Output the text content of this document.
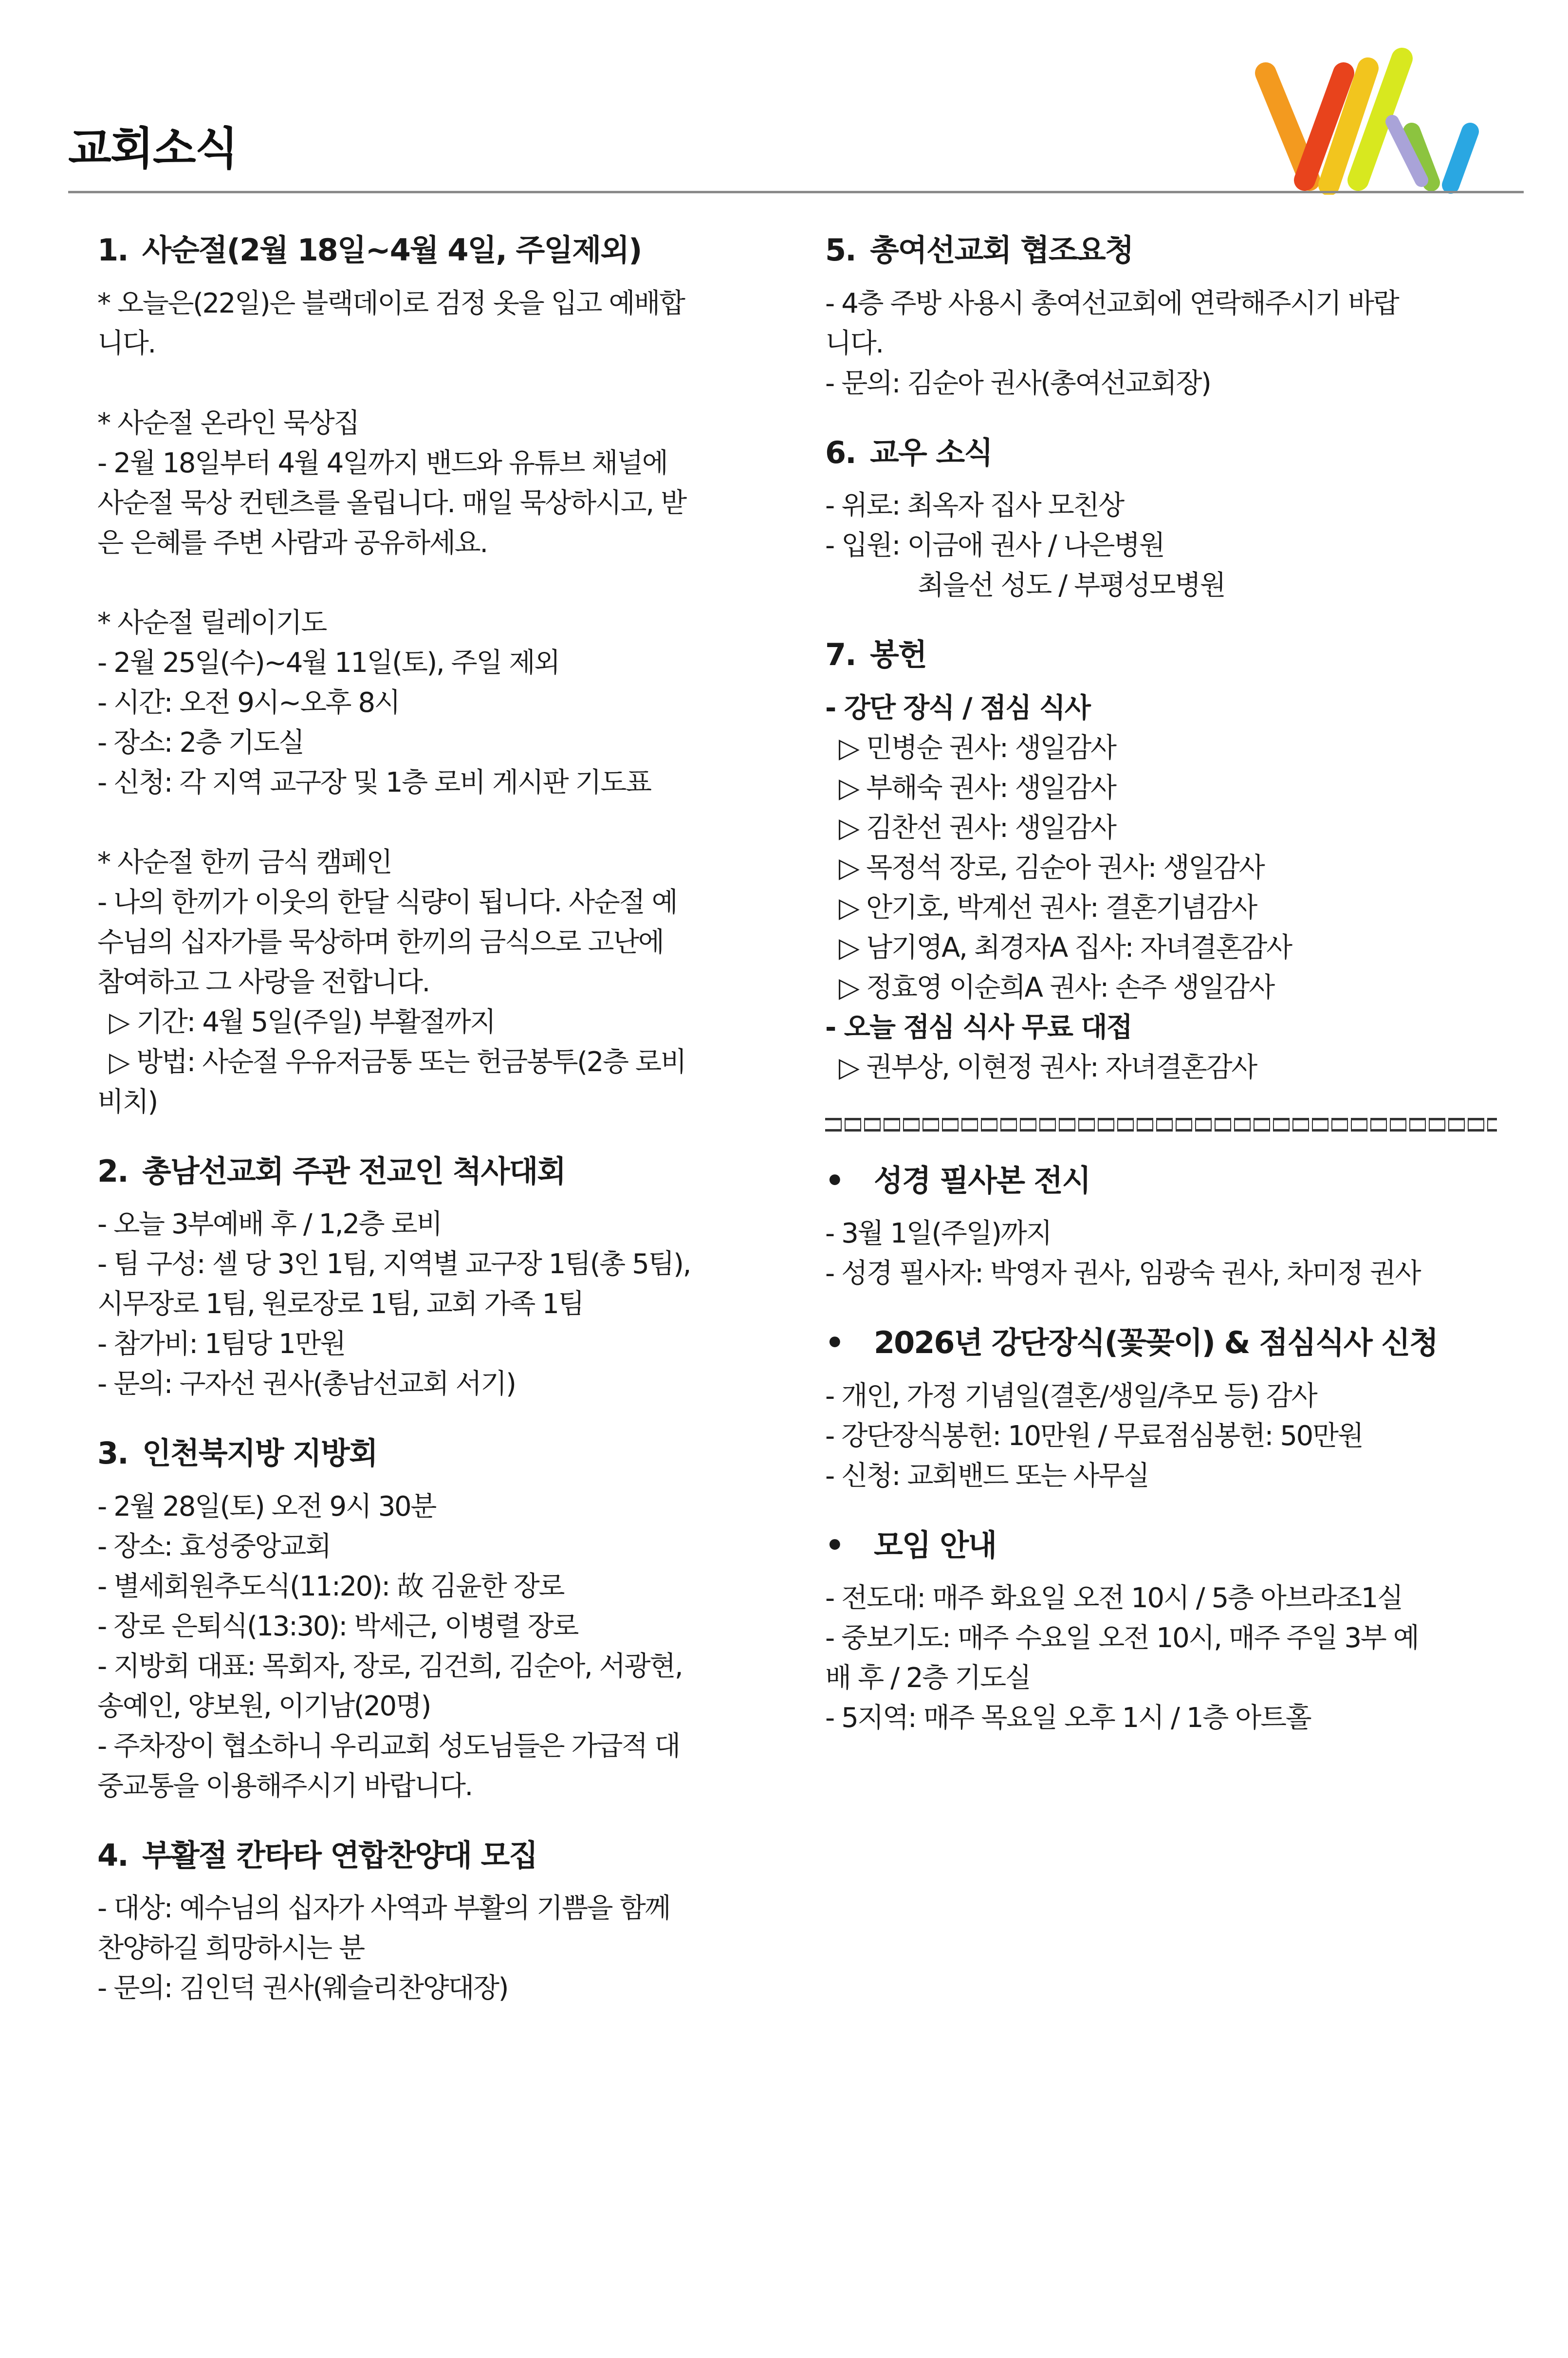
교회소식
1. 사순절(2월 18일~4월 4일, 주일제외)
* 오늘은(22일)은 블랙데이로 검정 옷을 입고 예배합
니다.
* 사순절 온라인 묵상집
- 2월 18일부터 4월 4일까지 밴드와 유튜브 채널에
사순절 묵상 컨텐츠를 올립니다. 매일 묵상하시고, 받
은 은혜를 주변 사람과 공유하세요.
* 사순절 릴레이기도
- 2월 25일(수)~4월 11일(토), 주일 제외
- 시간: 오전 9시~오후 8시
- 장소: 2층 기도실
- 신청: 각 지역 교구장 및 1층 로비 게시판 기도표
* 사순절 한끼 금식 캠페인
- 나의 한끼가 이웃의 한달 식량이 됩니다. 사순절 예
수님의 십자가를 묵상하며 한끼의 금식으로 고난에
참여하고 그 사랑을 전합니다.
▷ 기간: 4월 5일(주일) 부활절까지
▷ 방법: 사순절 우유저금통 또는 헌금봉투(2층 로비
비치)
2. 총남선교회 주관 전교인 척사대회
- 오늘 3부예배 후 / 1,2층 로비
- 팀 구성: 셀 당 3인 1팀, 지역별 교구장 1팀(총 5팀),
시무장로 1팀, 원로장로 1팀, 교회 가족 1팀
- 참가비: 1팀당 1만원
- 문의: 구자선 권사(총남선교회 서기)
3. 인천북지방 지방회
- 2월 28일(토) 오전 9시 30분
- 장소: 효성중앙교회
- 별세회원추도식(11:20): 故 김윤한 장로
- 장로 은퇴식(13:30): 박세근, 이병렬 장로
- 지방회 대표: 목회자, 장로, 김건희, 김순아, 서광현,
송예인, 양보원, 이기남(20명)
- 주차장이 협소하니 우리교회 성도님들은 가급적 대
중교통을 이용해주시기 바랍니다.
4. 부활절 칸타타 연합찬양대 모집
- 대상: 예수님의 십자가 사역과 부활의 기쁨을 함께
찬양하길 희망하시는 분
- 문의: 김인덕 권사(웨슬리찬양대장)
5. 총여선교회 협조요청
- 4층 주방 사용시 총여선교회에 연락해주시기 바랍
니다.
- 문의: 김순아 권사(총여선교회장)
6. 교우 소식
- 위로: 최옥자 집사 모친상
- 입원: 이금애 권사 / 나은병원
최을선 성도 / 부평성모병원
7. 봉헌
- 강단 장식 / 점심 식사
▷ 민병순 권사: 생일감사
▷ 부해숙 권사: 생일감사
▷ 김찬선 권사: 생일감사
▷ 목정석 장로, 김순아 권사: 생일감사
▷ 안기호, 박계선 권사: 결혼기념감사
▷ 남기영A, 최경자A 집사: 자녀결혼감사
▷ 정효영 이순희A 권사: 손주 생일감사
- 오늘 점심 식사 무료 대접
▷ 권부상, 이현정 권사: 자녀결혼감사
• 성경 필사본 전시
- 3월 1일(주일)까지
- 성경 필사자: 박영자 권사, 임광숙 권사, 차미정 권사
• 2026년 강단장식(꽃꽂이) & 점심식사 신청
- 개인, 가정 기념일(결혼/생일/추모 등) 감사
- 강단장식봉헌: 10만원 / 무료점심봉헌: 50만원
- 신청: 교회밴드 또는 사무실
• 모임 안내
- 전도대: 매주 화요일 오전 10시 / 5층 아브라조1실
- 중보기도: 매주 수요일 오전 10시, 매주 주일 3부 예
배 후 / 2층 기도실
- 5지역: 매주 목요일 오후 1시 / 1층 아트홀
